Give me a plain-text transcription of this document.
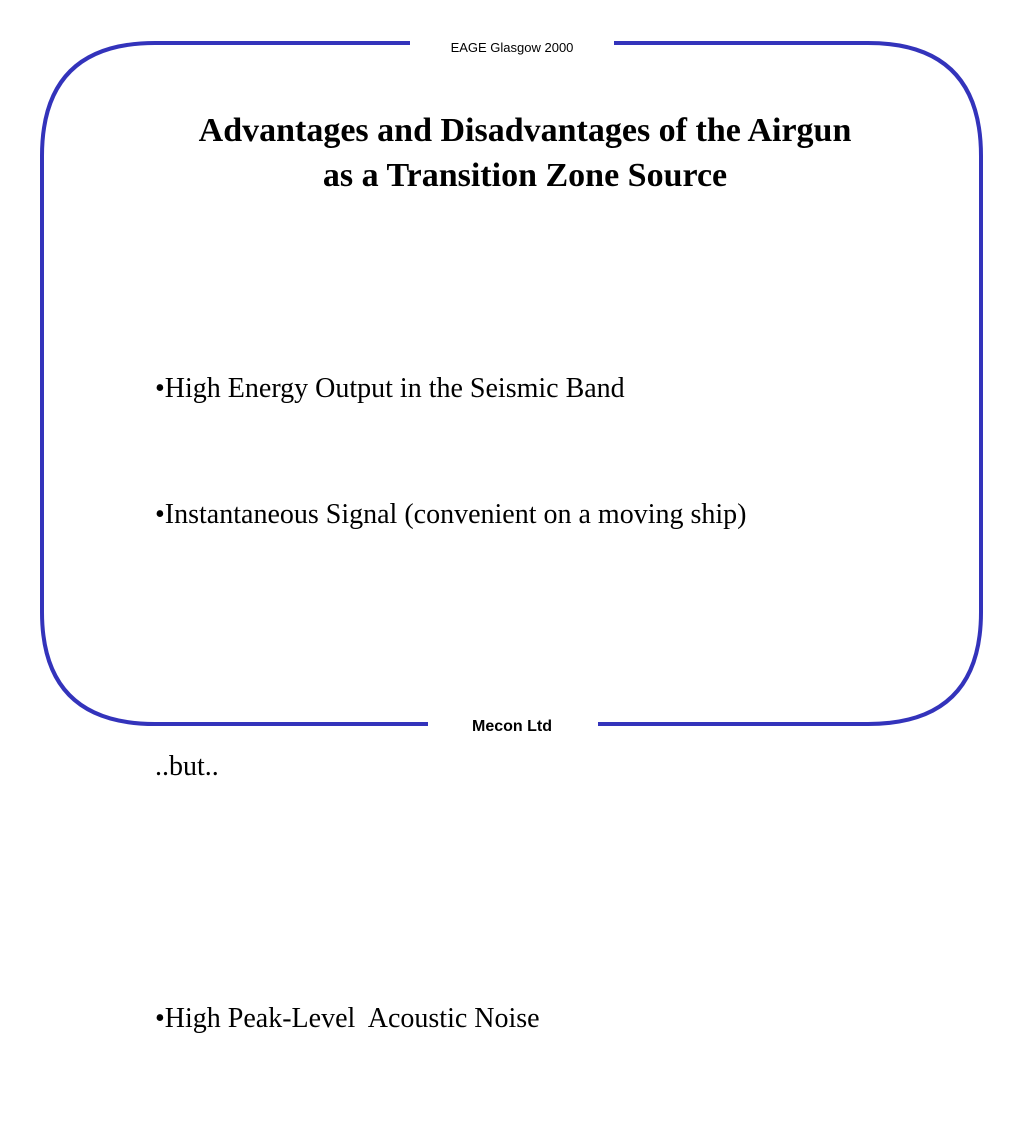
EAGE Glasgow 2000
Advantages and Disadvantages of the Airgun
as a Transition Zone Source

•High Energy Output in the Seismic Band

•Instantaneous Signal (convenient on a moving ship)

..but..

•High Peak-Level  Acoustic Noise

Mecon Ltd
